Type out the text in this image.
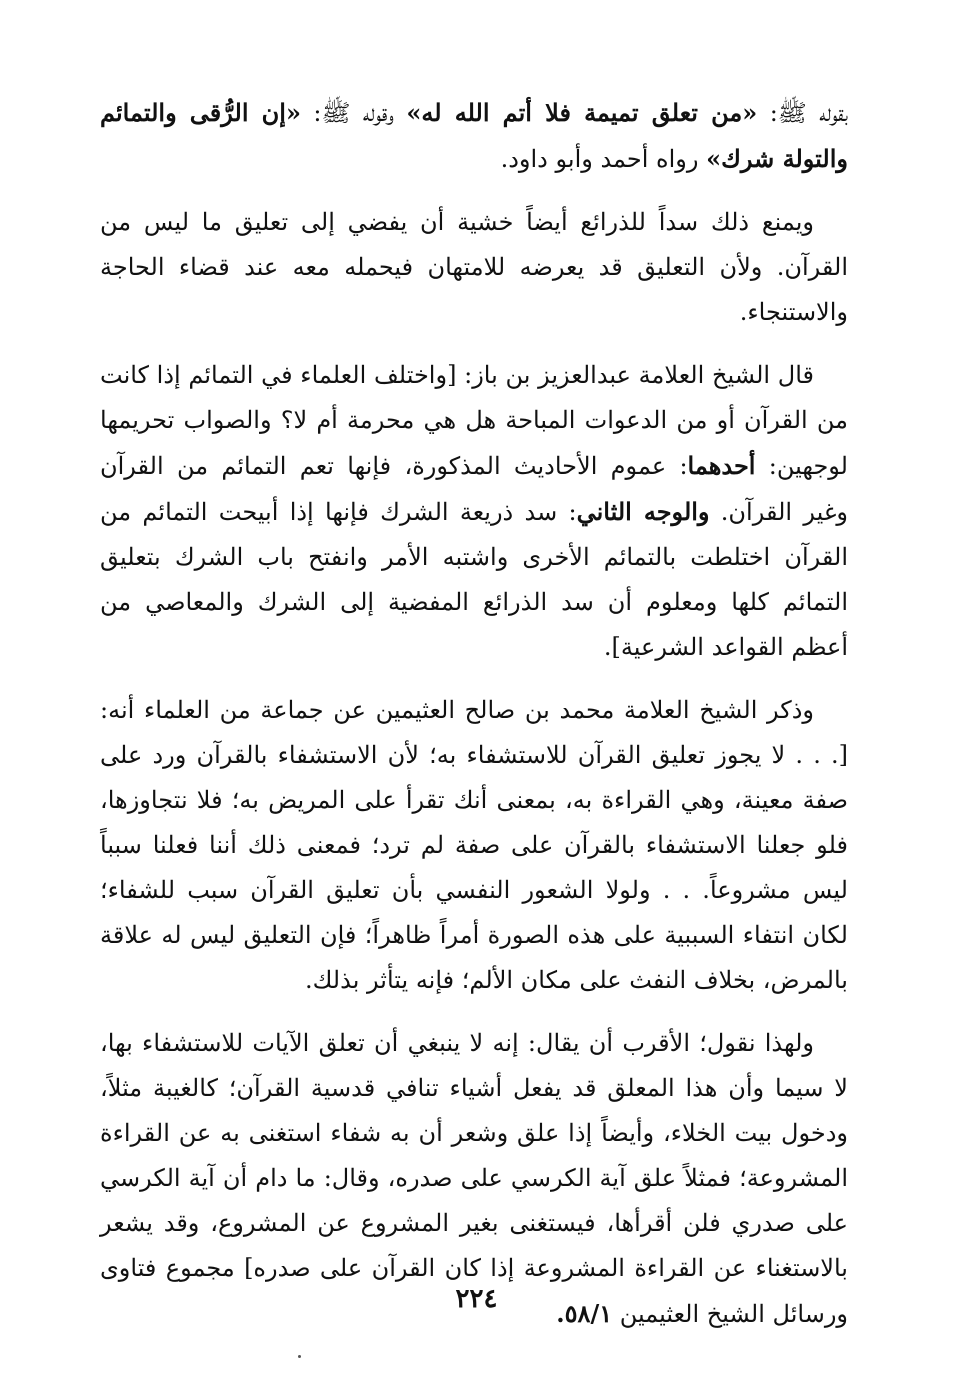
بقوله ﷺ: «من تعلق تميمة فلا أتم الله له» وقوله ﷺ: «إن الرُّقى والتمائم والتولة شرك» رواه أحمد وأبو داود.

ويمنع ذلك سداً للذرائع أيضاً خشية أن يفضي إلى تعليق ما ليس من القرآن. ولأن التعليق قد يعرضه للامتهان فيحمله معه عند قضاء الحاجة والاستنجاء.

قال الشيخ العلامة عبدالعزيز بن باز: [واختلف العلماء في التمائم إذا كانت من القرآن أو من الدعوات المباحة هل هي محرمة أم لا؟ والصواب تحريمها لوجهين: أحدهما: عموم الأحاديث المذكورة، فإنها تعم التمائم من القرآن وغير القرآن. والوجه الثاني: سد ذريعة الشرك فإنها إذا أبيحت التمائم من القرآن اختلطت بالتمائم الأخرى واشتبه الأمر وانفتح باب الشرك بتعليق التمائم كلها ومعلوم أن سد الذرائع المفضية إلى الشرك والمعاصي من أعظم القواعد الشرعية].

وذكر الشيخ العلامة محمد بن صالح العثيمين عن جماعة من العلماء أنه: [. . . لا يجوز تعليق القرآن للاستشفاء به؛ لأن الاستشفاء بالقرآن ورد على صفة معينة، وهي القراءة به، بمعنى أنك تقرأ على المريض به؛ فلا نتجاوزها، فلو جعلنا الاستشفاء بالقرآن على صفة لم ترد؛ فمعنى ذلك أننا فعلنا سبباً ليس مشروعاً. . . ولولا الشعور النفسي بأن تعليق القرآن سبب للشفاء؛ لكان انتفاء السببية على هذه الصورة أمراً ظاهراً؛ فإن التعليق ليس له علاقة بالمرض، بخلاف النفث على مكان الألم؛ فإنه يتأثر بذلك.

ولهذا نقول؛ الأقرب أن يقال: إنه لا ينبغي أن تعلق الآيات للاستشفاء بها، لا سيما وأن هذا المعلق قد يفعل أشياء تنافي قدسية القرآن؛ كالغيبة مثلاً، ودخول بيت الخلاء، وأيضاً إذا علق وشعر أن به شفاء استغنى به عن القراءة المشروعة؛ فمثلاً علق آية الكرسي على صدره، وقال: ما دام أن آية الكرسي على صدري فلن أقرأها، فيستغنى بغير المشروع عن المشروع، وقد يشعر بالاستغناء عن القراءة المشروعة إذا كان القرآن على صدره] مجموع فتاوى ورسائل الشيخ العثيمين ٥٨/١.

٢٢٤
